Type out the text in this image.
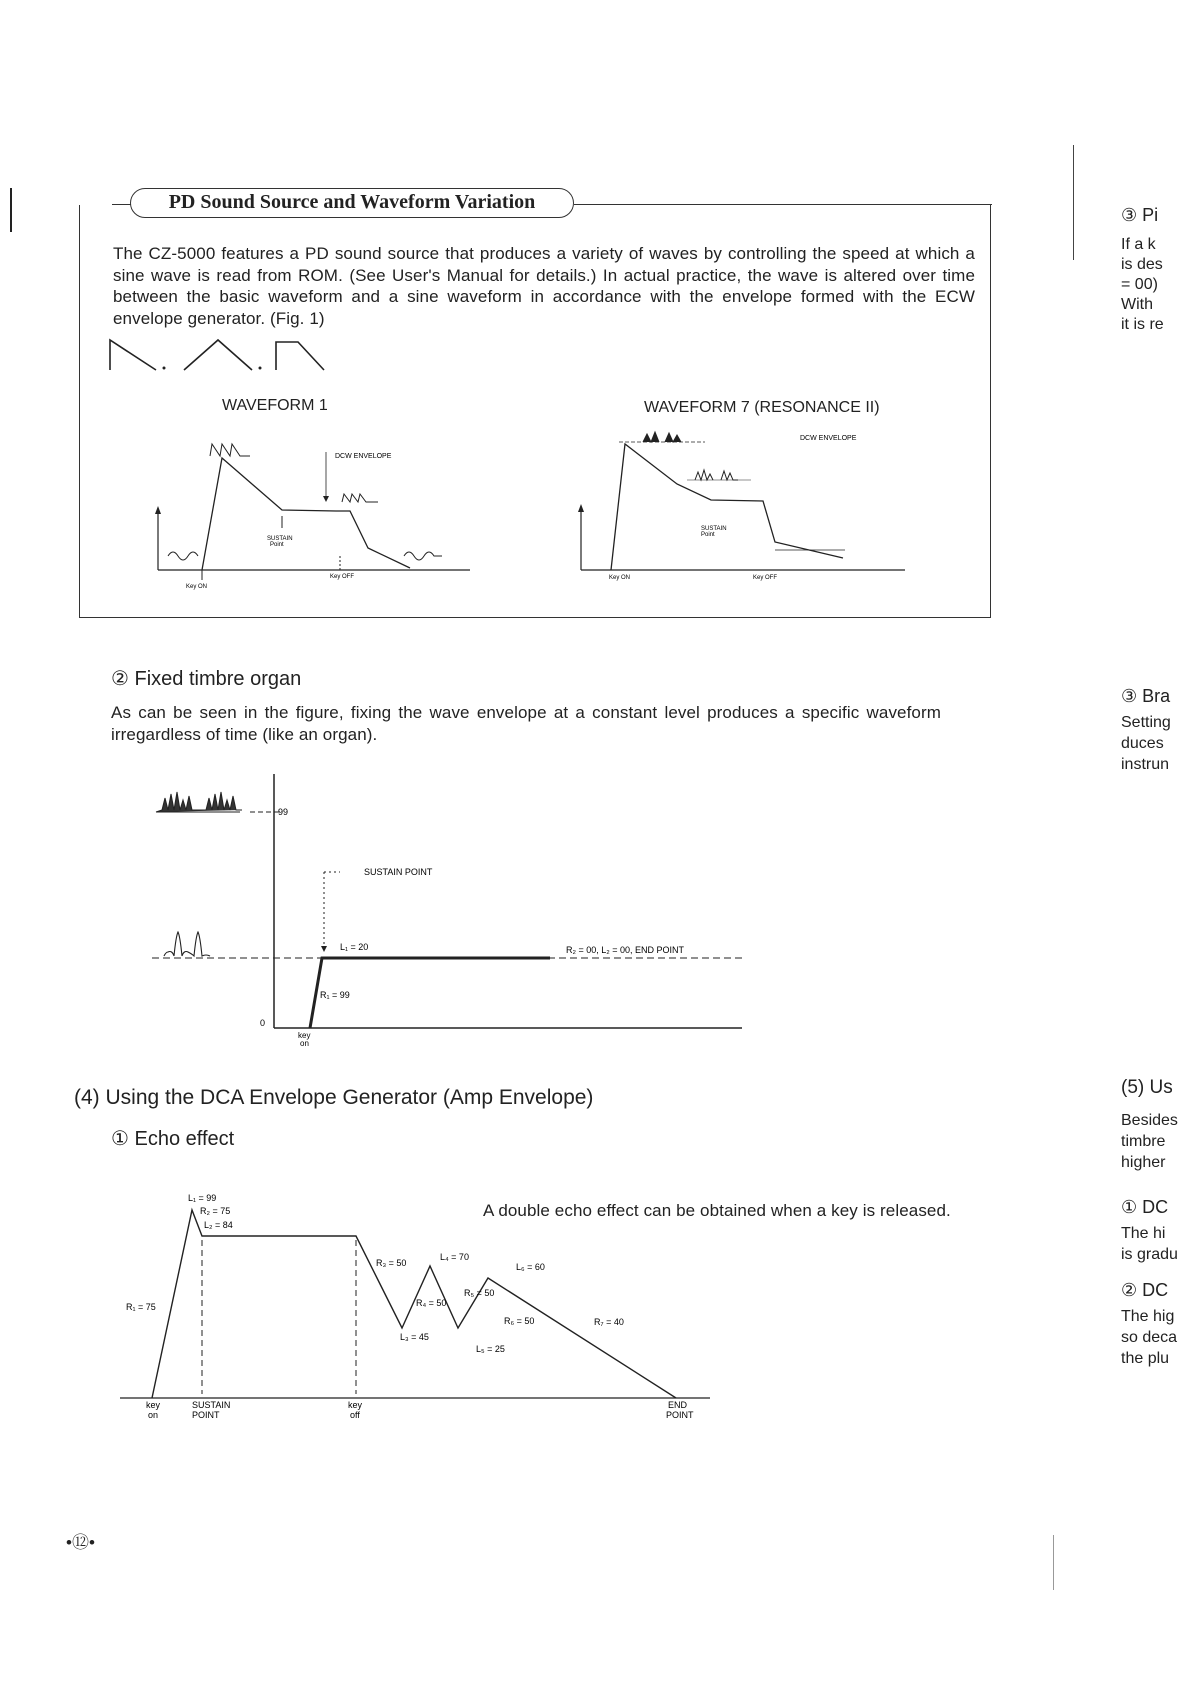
PD Sound Source and Waveform Variation
The CZ-5000 features a PD sound source that produces a variety of waves by controlling the speed at which a sine wave is read from ROM. (See User's Manual for details.) In actual practice, the wave is altered over time between the basic waveform and a sine waveform in accordance with the envelope formed with the ECW envelope generator. (Fig. 1)
WAVEFORM 1	WAVEFORM 7 (RESONANCE II)
DCW ENVELOPE
SUSTAIN
Point
Key ON
Key OFF
DCW ENVELOPE
SUSTAIN
Point
Key ON	Key OFF
② Fixed timbre organ
As can be seen in the figure, fixing the wave envelope at a constant level produces a specific waveform irregardless of time (like an organ).
99
0
SUSTAIN POINT
L₁ = 20
R₁ = 99
R₂ = 00, L₂ = 00, END POINT
key
on
(4) Using the DCA Envelope Generator (Amp Envelope)
① Echo effect
A double echo effect can be obtained when a key is released.
L₁ = 99
R₂ = 75
L₂ = 84
R₁ = 75
R₃ = 50
L₄ = 70
R₄ = 50
L₃ = 45
R₅ = 50
L₆ = 60
R₆ = 50
L₅ = 25
R₇ = 40
key
on
SUSTAIN
POINT
key
off
END
POINT
•⑫•
③ Pi
If a k
is des
= 00)
With
it is re
③ Bra
Setting
duces
instrun
(5) Us
Besides
timbre
higher
① DC
The hi
is gradu
② DC
The hig
so deca
the plu
